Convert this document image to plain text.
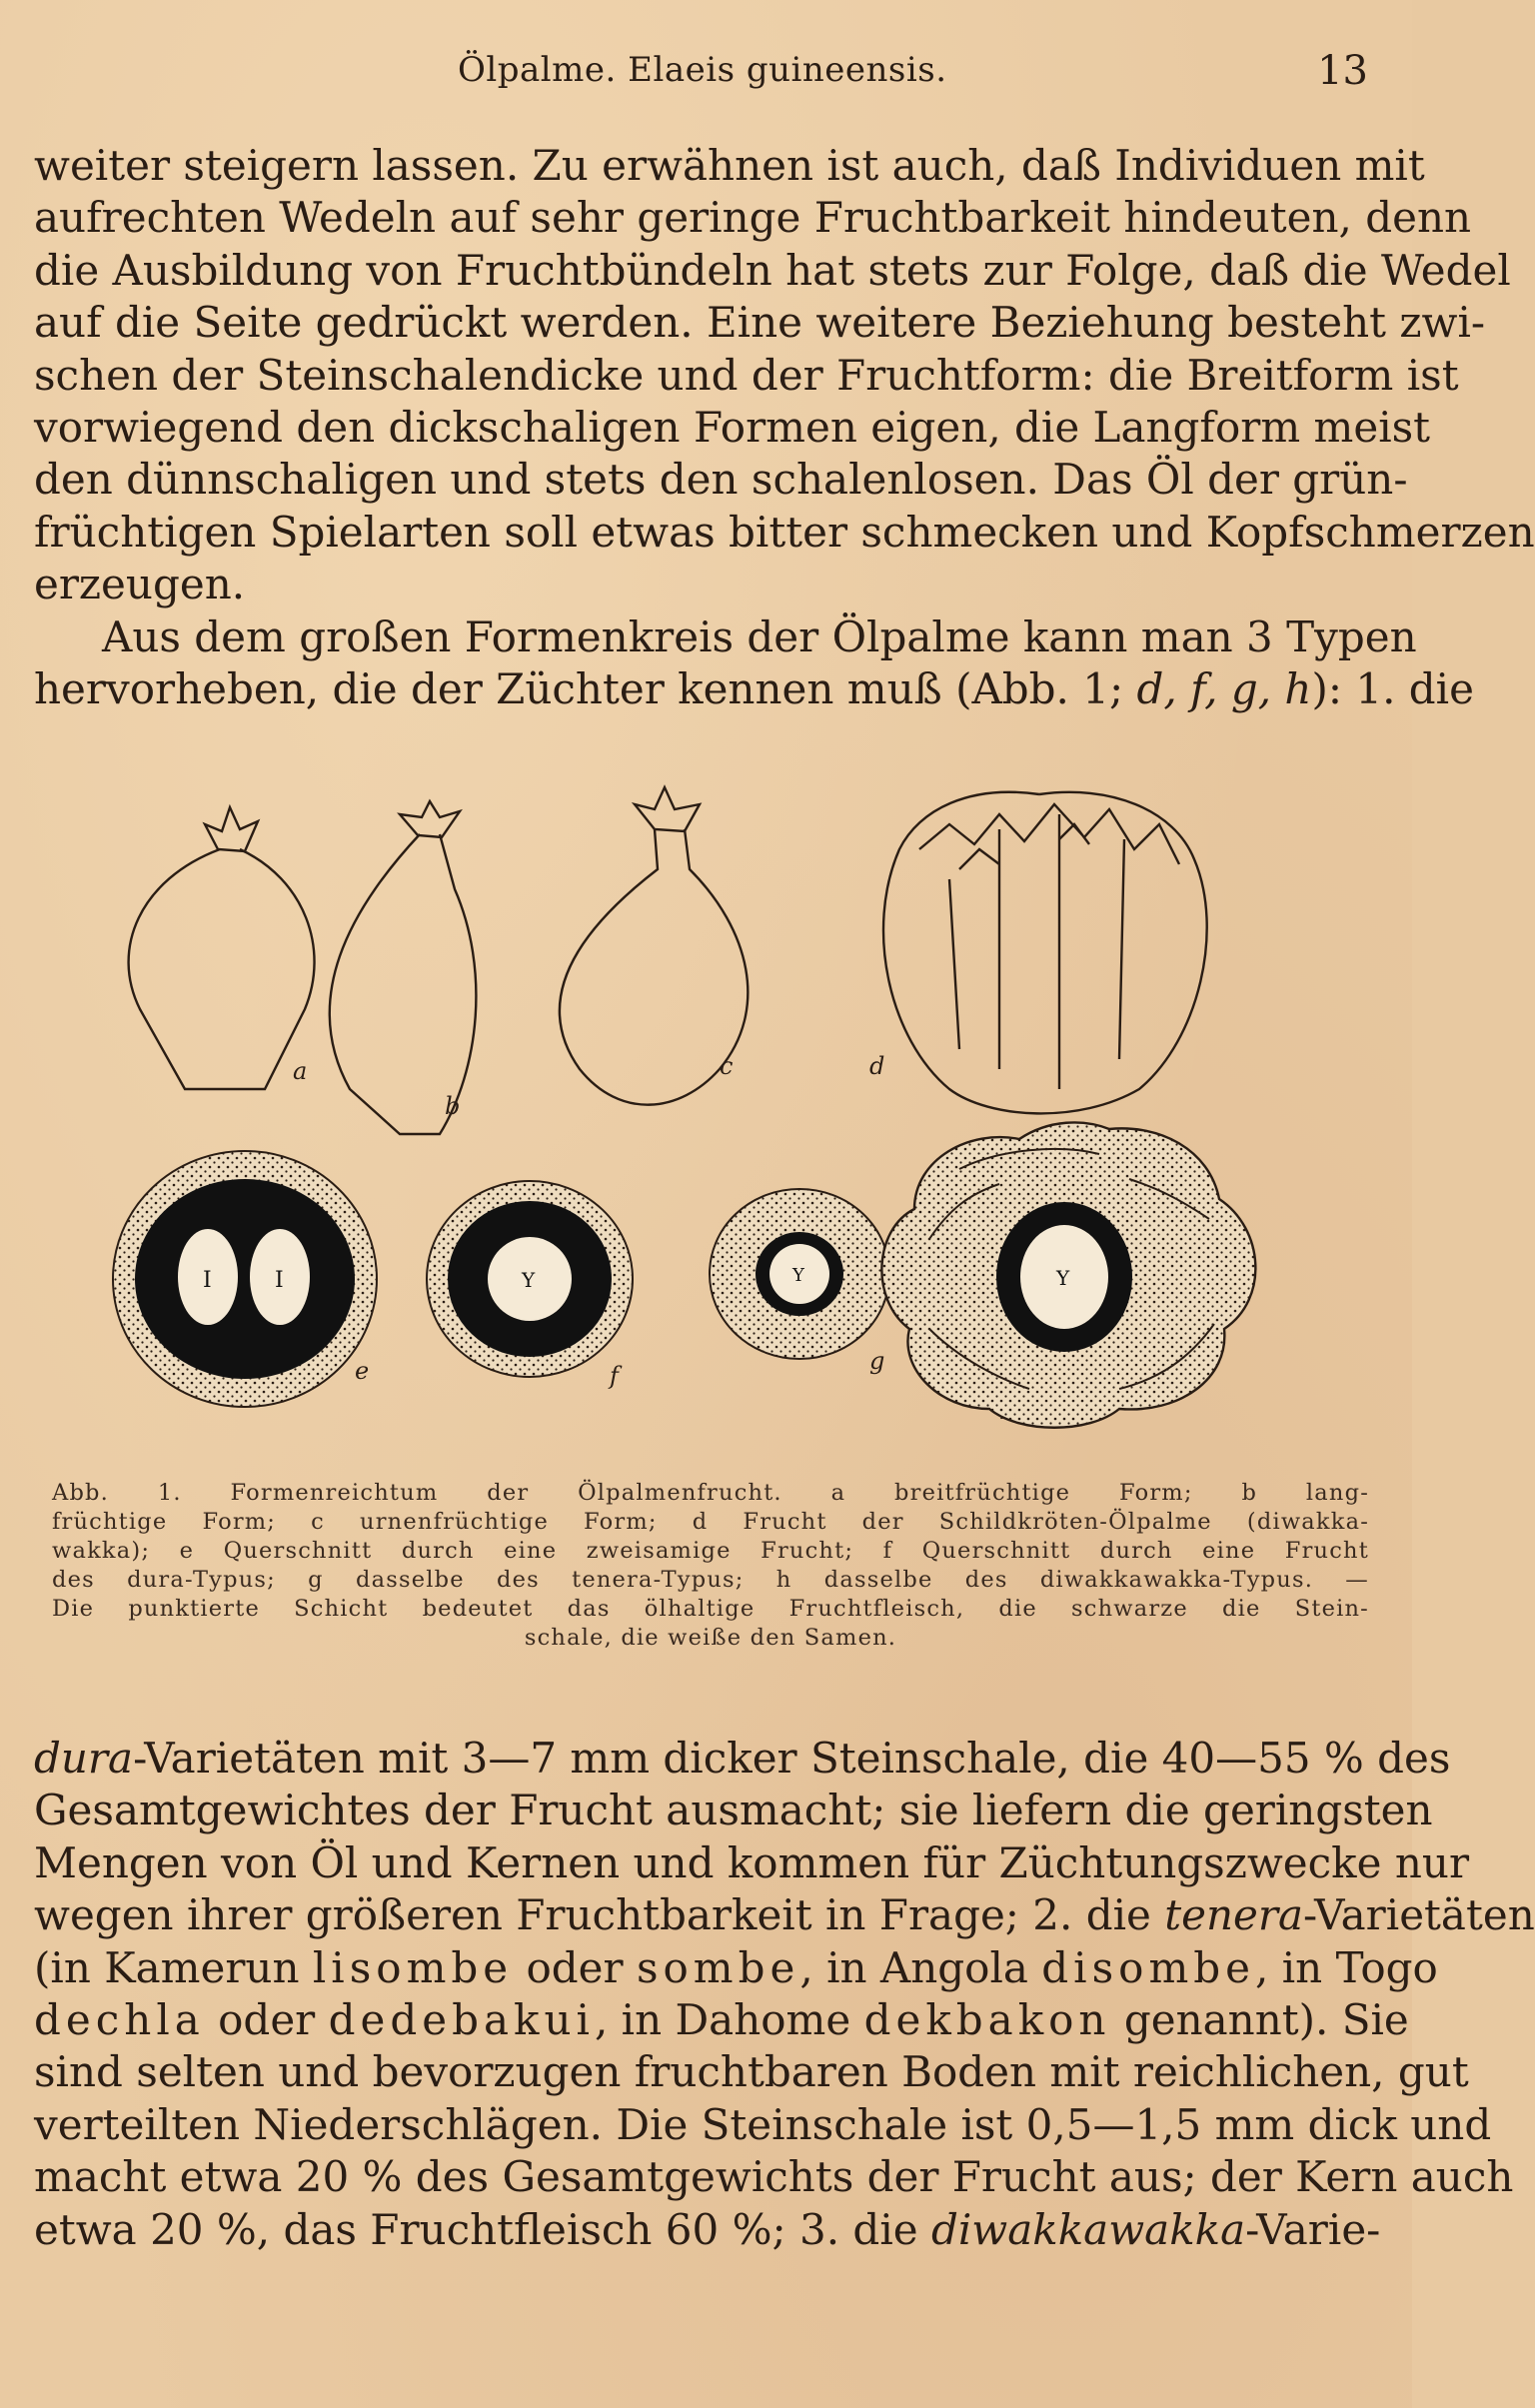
Ölpalme. Elaeis guineensis.	13
weiter steigern lassen. Zu erwähnen ist auch, daß Individuen mit
aufrechten Wedeln auf sehr geringe Fruchtbarkeit hindeuten, denn
die Ausbildung von Fruchtbündeln hat stets zur Folge, daß die Wedel
auf die Seite gedrückt werden. Eine weitere Beziehung besteht zwi-
schen der Steinschalendicke und der Fruchtform: die Breitform ist
vorwiegend den dickschaligen Formen eigen, die Langform meist
den dünnschaligen und stets den schalenlosen. Das Öl der grün-
früchtigen Spielarten soll etwas bitter schmecken und Kopfschmerzen
erzeugen.
Aus dem großen Formenkreis der Ölpalme kann man 3 Typen
hervorheben, die der Züchter kennen muß (Abb. 1; d, f, g, h): 1. die
a
b
c	d
e	f
g
I	I	Y	Y	Y
Abb. 1. Formenreichtum der Ölpalmenfrucht. a breitfrüchtige Form; b lang-
früchtige Form; c urnenfrüchtige Form; d Frucht der Schildkröten-Ölpalme (diwakka-
wakka); e Querschnitt durch eine zweisamige Frucht; f Querschnitt durch eine Frucht
des dura-Typus; g dasselbe des tenera-Typus; h dasselbe des diwakkawakka-Typus. —
Die punktierte Schicht bedeutet das ölhaltige Fruchtfleisch, die schwarze die Stein-
schale, die weiße den Samen.
dura-Varietäten mit 3—7 mm dicker Steinschale, die 40—55 % des
Gesamtgewichtes der Frucht ausmacht; sie liefern die geringsten
Mengen von Öl und Kernen und kommen für Züchtungszwecke nur
wegen ihrer größeren Fruchtbarkeit in Frage; 2. die tenera-Varietäten
(in Kamerun lisombe oder sombe, in Angola disombe, in Togo
dechla oder dedebakui, in Dahome dekbakon genannt). Sie
sind selten und bevorzugen fruchtbaren Boden mit reichlichen, gut
verteilten Niederschlägen. Die Steinschale ist 0,5—1,5 mm dick und
macht etwa 20 % des Gesamtgewichts der Frucht aus; der Kern auch
etwa 20 %, das Fruchtfleisch 60 %; 3. die diwakkawakka-Varie-
